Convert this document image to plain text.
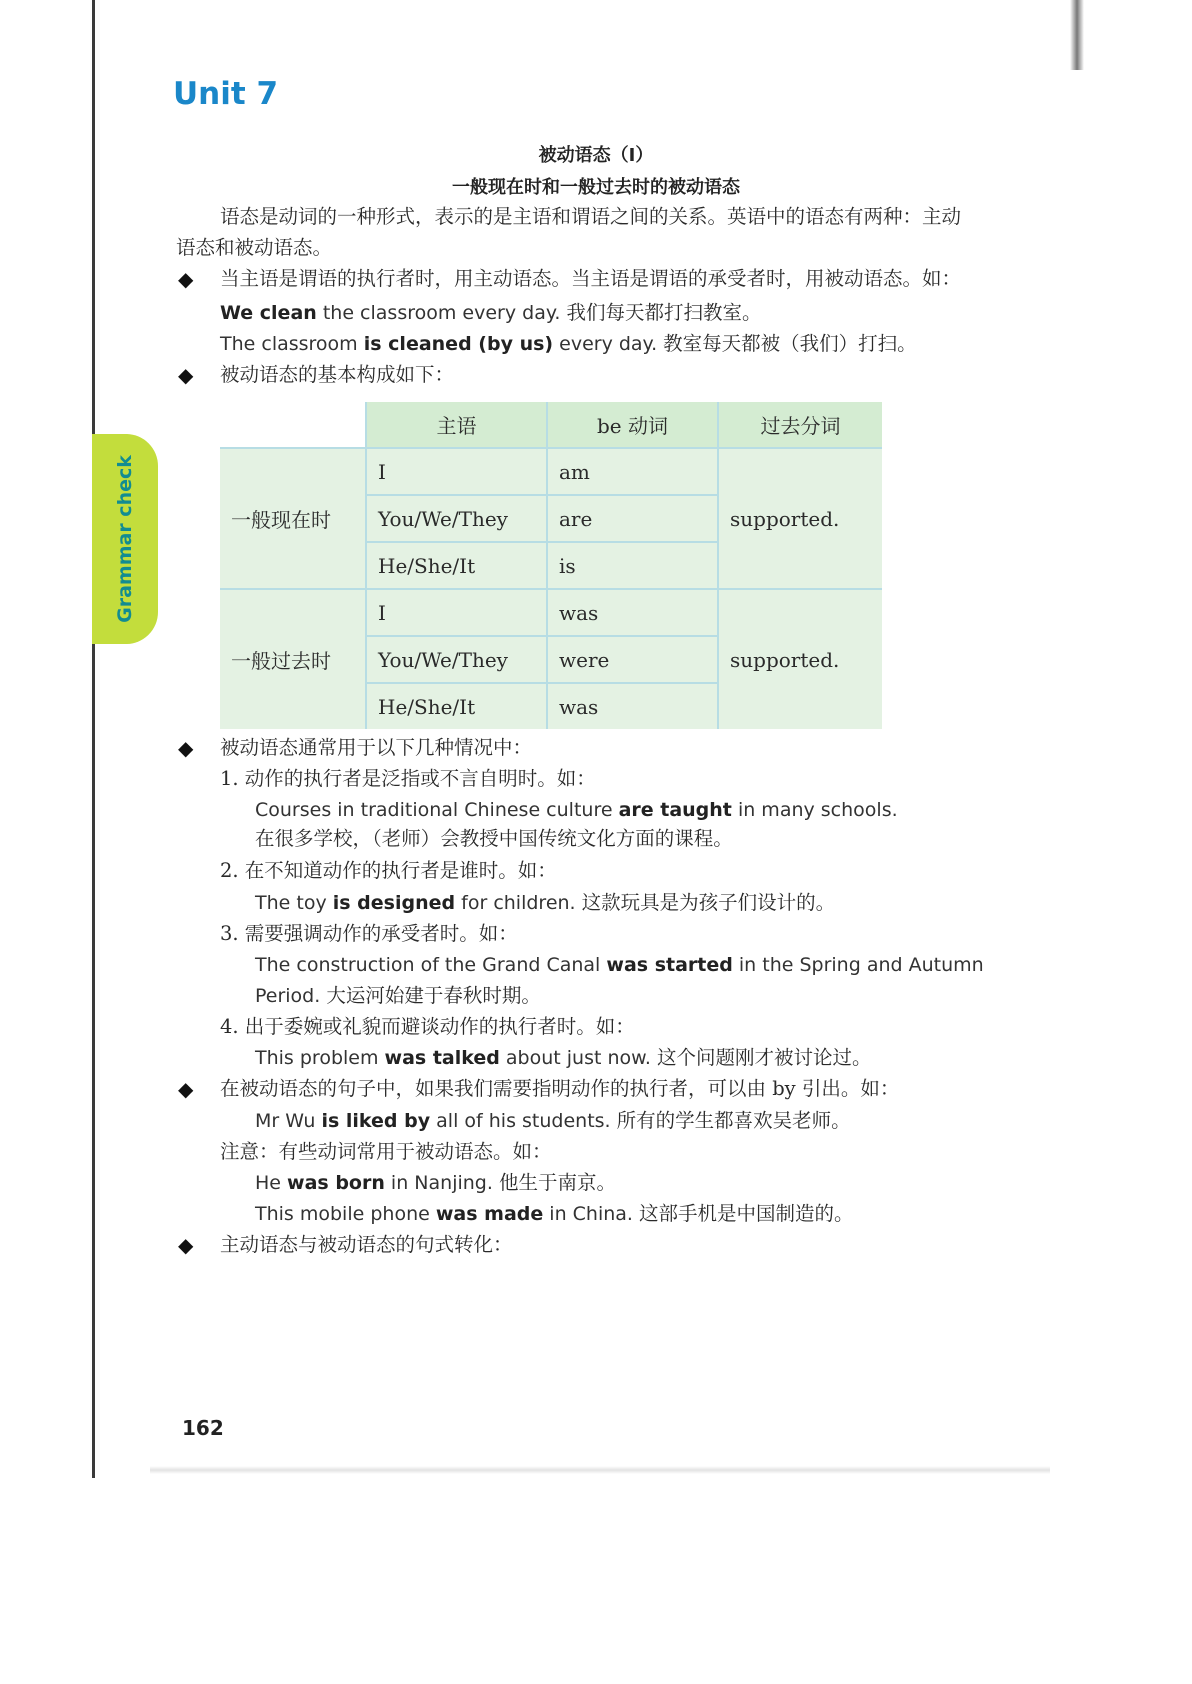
Unit 7
Grammar check
被动语态（Ⅰ）
一般现在时和一般过去时的被动语态
语态是动词的一种形式，表示的是主语和谓语之间的关系。英语中的语态有两种：主动
语态和被动语态。
◆ 当主语是谓语的执行者时，用主动语态。当主语是谓语的承受者时，用被动语态。如：
We clean the classroom every day. 我们每天都打扫教室。
The classroom is cleaned (by us) every day. 教室每天都被（我们）打扫。
◆ 被动语态的基本构成如下：
	主语	be 动词	过去分词
一般现在时	I	am	supported.
	You/We/They	are	
	He/She/It	is	
一般过去时	I	was	supported.
	You/We/They	were	
	He/She/It	was	
◆ 被动语态通常用于以下几种情况中：
1. 动作的执行者是泛指或不言自明时。如：
Courses in traditional Chinese culture are taught in many schools.
在很多学校，（老师）会教授中国传统文化方面的课程。
2. 在不知道动作的执行者是谁时。如：
The toy is designed for children. 这款玩具是为孩子们设计的。
3. 需要强调动作的承受者时。如：
The construction of the Grand Canal was started in the Spring and Autumn
Period. 大运河始建于春秋时期。
4. 出于委婉或礼貌而避谈动作的执行者时。如：
This problem was talked about just now. 这个问题刚才被讨论过。
◆ 在被动语态的句子中，如果我们需要指明动作的执行者，可以由 by 引出。如：
Mr Wu is liked by all of his students. 所有的学生都喜欢吴老师。
注意：有些动词常用于被动语态。如：
He was born in Nanjing. 他生于南京。
This mobile phone was made in China. 这部手机是中国制造的。
◆ 主动语态与被动语态的句式转化：
162
